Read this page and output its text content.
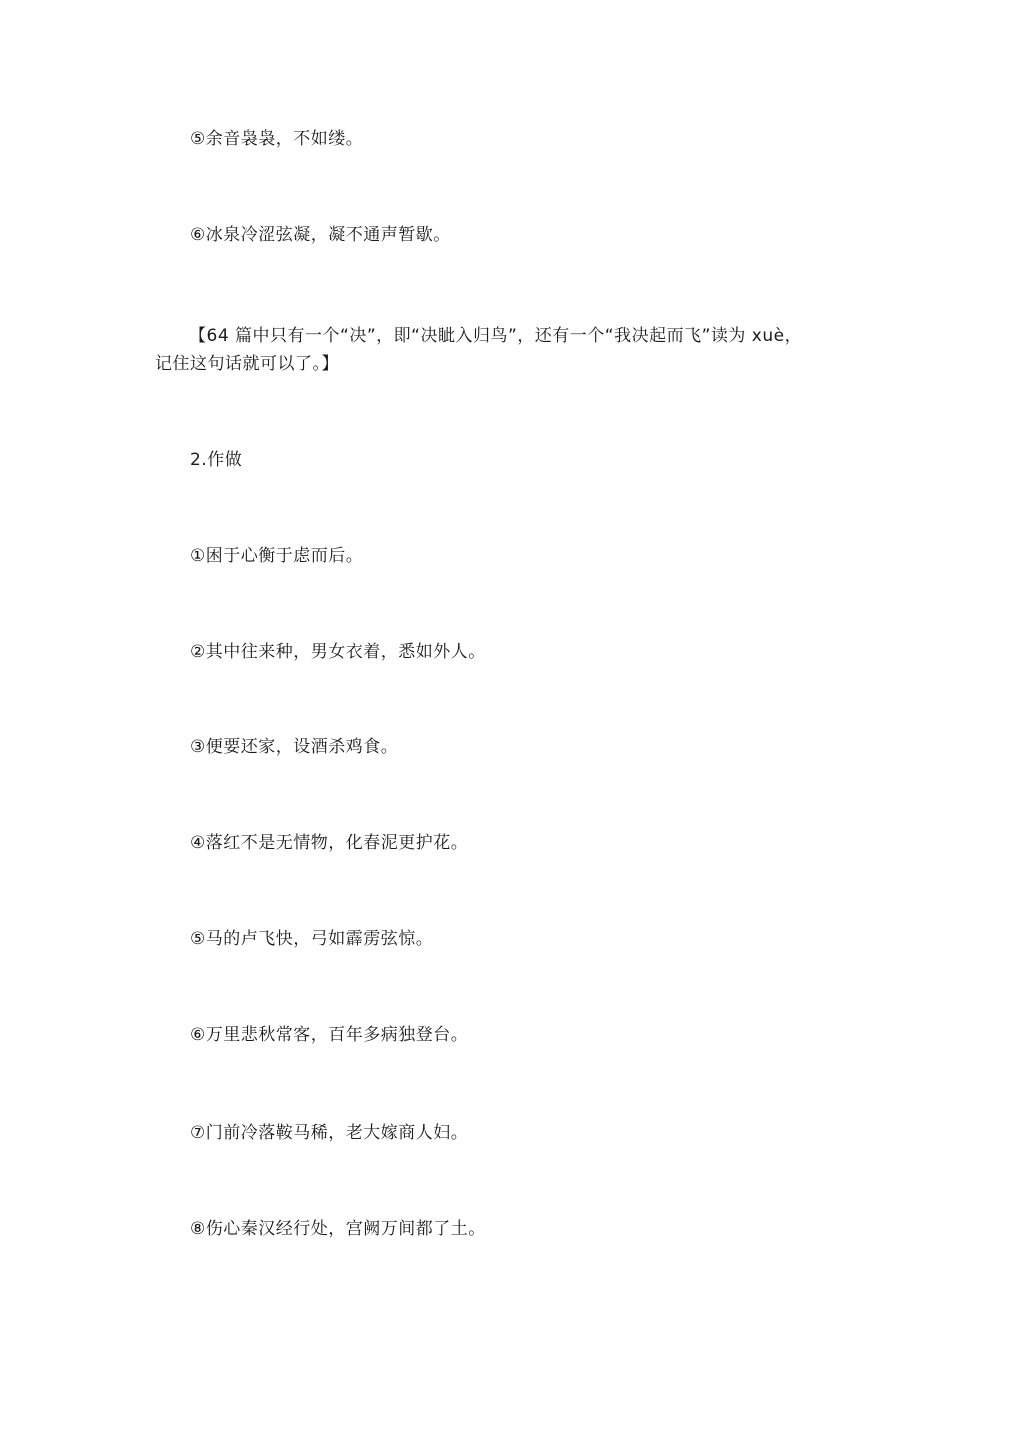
⑤余音袅袅，不如缕。
⑥冰泉冷涩弦凝，凝不通声暂歇。
【64 篇中只有一个“决”，即“决眦入归鸟”，还有一个“我决起而飞”读为 xuè，
记住这句话就可以了。】
2.作做
①困于心衡于虑而后。
②其中往来种，男女衣着，悉如外人。
③便要还家，设酒杀鸡食。
④落红不是无情物，化春泥更护花。
⑤马的卢飞快，弓如霹雳弦惊。
⑥万里悲秋常客，百年多病独登台。
⑦门前冷落鞍马稀，老大嫁商人妇。
⑧伤心秦汉经行处，宫阙万间都了土。
